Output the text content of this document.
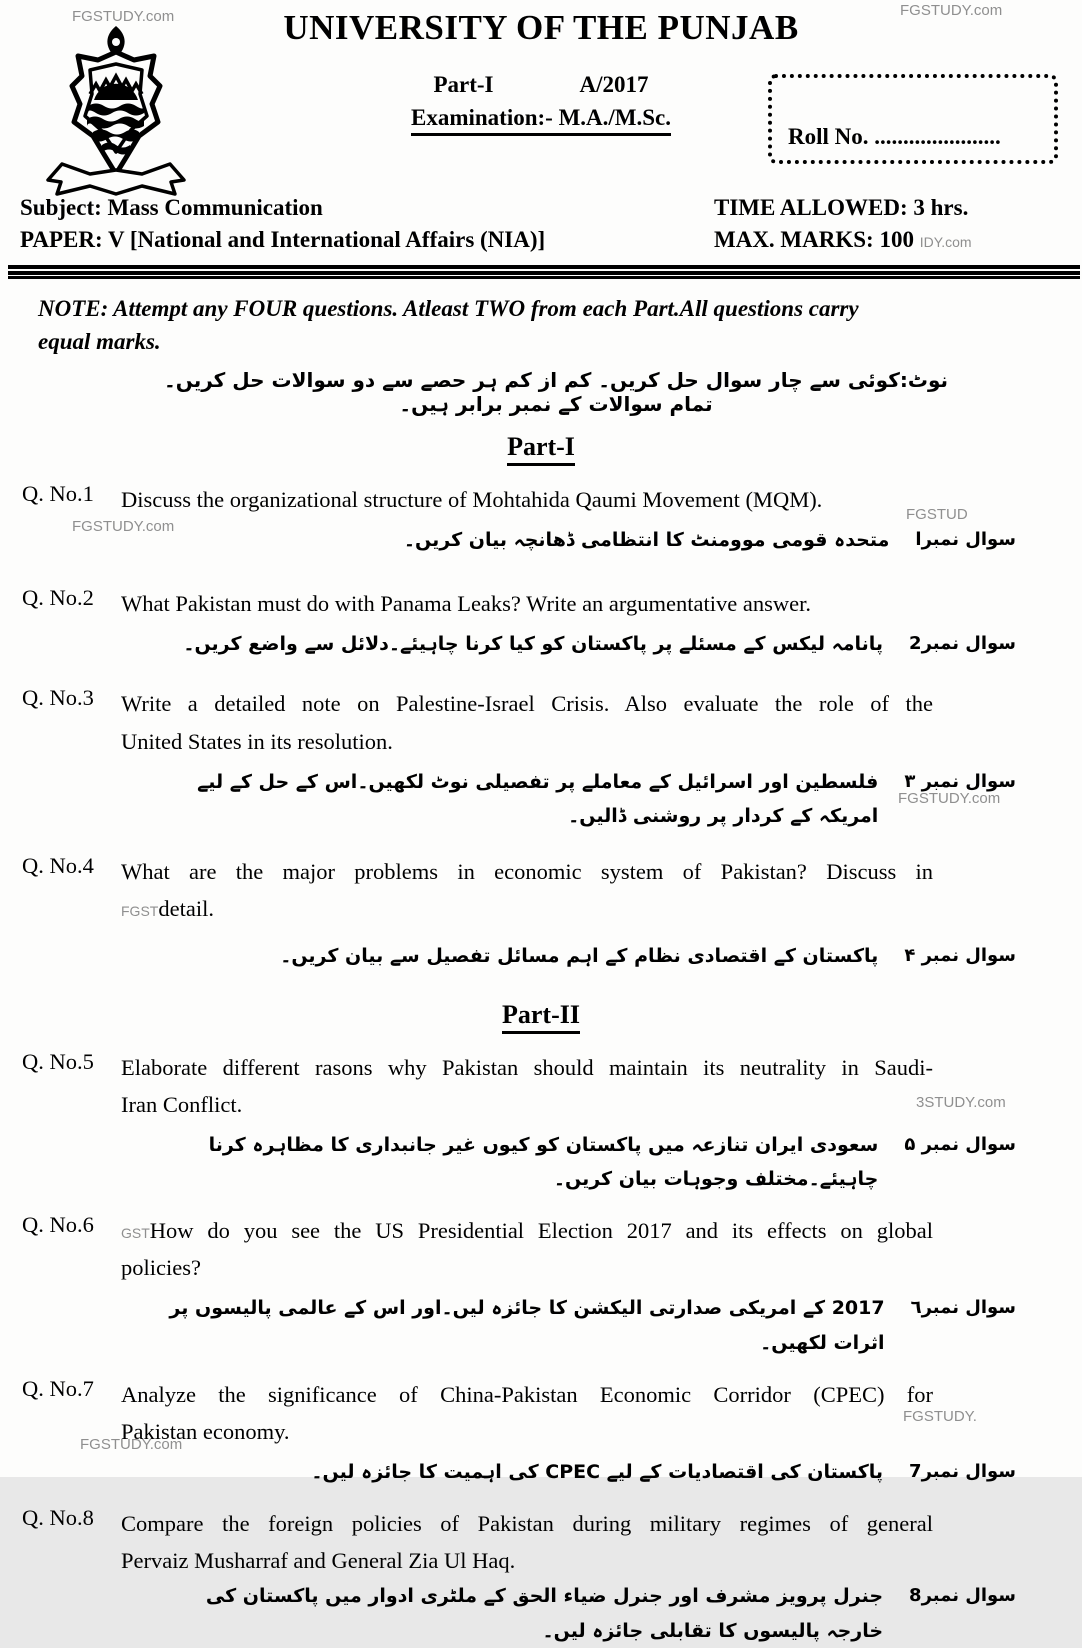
FGSTUDY.com	FGSTUDY.com
FGSTUDY.com
FGSTUD
FGSTUDY.com
3STUDY.com
FGSTUDY.
FGSTUDY.com
UNIVERSITY OF THE PUNJAB
Part-I	A/2017
Examination:- M.A./M.Sc.
Roll No. ......................
Subject: Mass Communication
PAPER: V [National and International Affairs (NIA)]
TIME ALLOWED: 3 hrs.
MAX. MARKS: 100 IDY.com
NOTE: Attempt any FOUR questions. Atleast TWO from each Part.All questions carry
equal marks.
نوٹ:کوئی سے چار سوال حل کریں۔ کم از کم ہر حصے سے دو سوالات حل کریں۔ تمام سوالات کے نمبر برابر ہیں۔
Part-I
Q. No.1	Discuss the organizational structure of Mohtahida Qaumi Movement (MQM).
سوال نمبرا
متحدہ قومی موومنٹ کا انتظامی ڈھانچہ بیان کریں۔
Q. No.2	What Pakistan must do with Panama Leaks? Write an argumentative answer.
سوال نمبر2
پانامہ لیکس کے مسئلے پر پاکستان کو کیا کرنا چاہیئے۔دلائل سے واضع کریں۔
Q. No.3	Write a detailed note on Palestine-Israel Crisis. Also evaluate the role of the
United States in its resolution.
سوال نمبر ۳
فلسطین اور اسرائیل کے معاملے پر تفصیلی نوٹ لکھیں۔اس کے حل کے لیے امریکہ کے کردار پر روشنی ڈالیں۔
Q. No.4	What are the major problems in economic system of Pakistan? Discuss in
FGSTdetail.
سوال نمبر ۴
پاکستان کے اقتصادی نظام کے اہم مسائل تفصیل سے بیان کریں۔
Part-II
Q. No.5	Elaborate different rasons why Pakistan should maintain its neutrality in Saudi-
Iran Conflict.
سوال نمبر ۵
سعودی ایران تنازعہ میں پاکستان کو کیوں غیر جانبداری کا مظاہرہ کرنا چاہیئے۔مختلف وجوہات بیان کریں۔
Q. No.6	GSTHow do you see the US Presidential Election 2017 and its effects on global
policies?
سوال نمبر٦
2017 کے امریکی صدارتی الیکشن کا جائزہ لیں۔اور اس کے عالمی پالیسوں پر اثرات لکھیں۔
Q. No.7	Analyze the significance of China-Pakistan Economic Corridor (CPEC) for
Pakistan economy.
سوال نمبر7
پاکستان کی اقتصادیات کے لیے CPEC کی اہمیت کا جائزہ لیں۔
Q. No.8	Compare the foreign policies of Pakistan during military regimes of general
Pervaiz Musharraf and General Zia Ul Haq.
سوال نمبر8
جنرل پرویز مشرف اور جنرل ضیاء الحق کے ملٹری ادوار میں پاکستان کی خارجہ پالیسوں کا تقابلی جائزہ لیں۔
